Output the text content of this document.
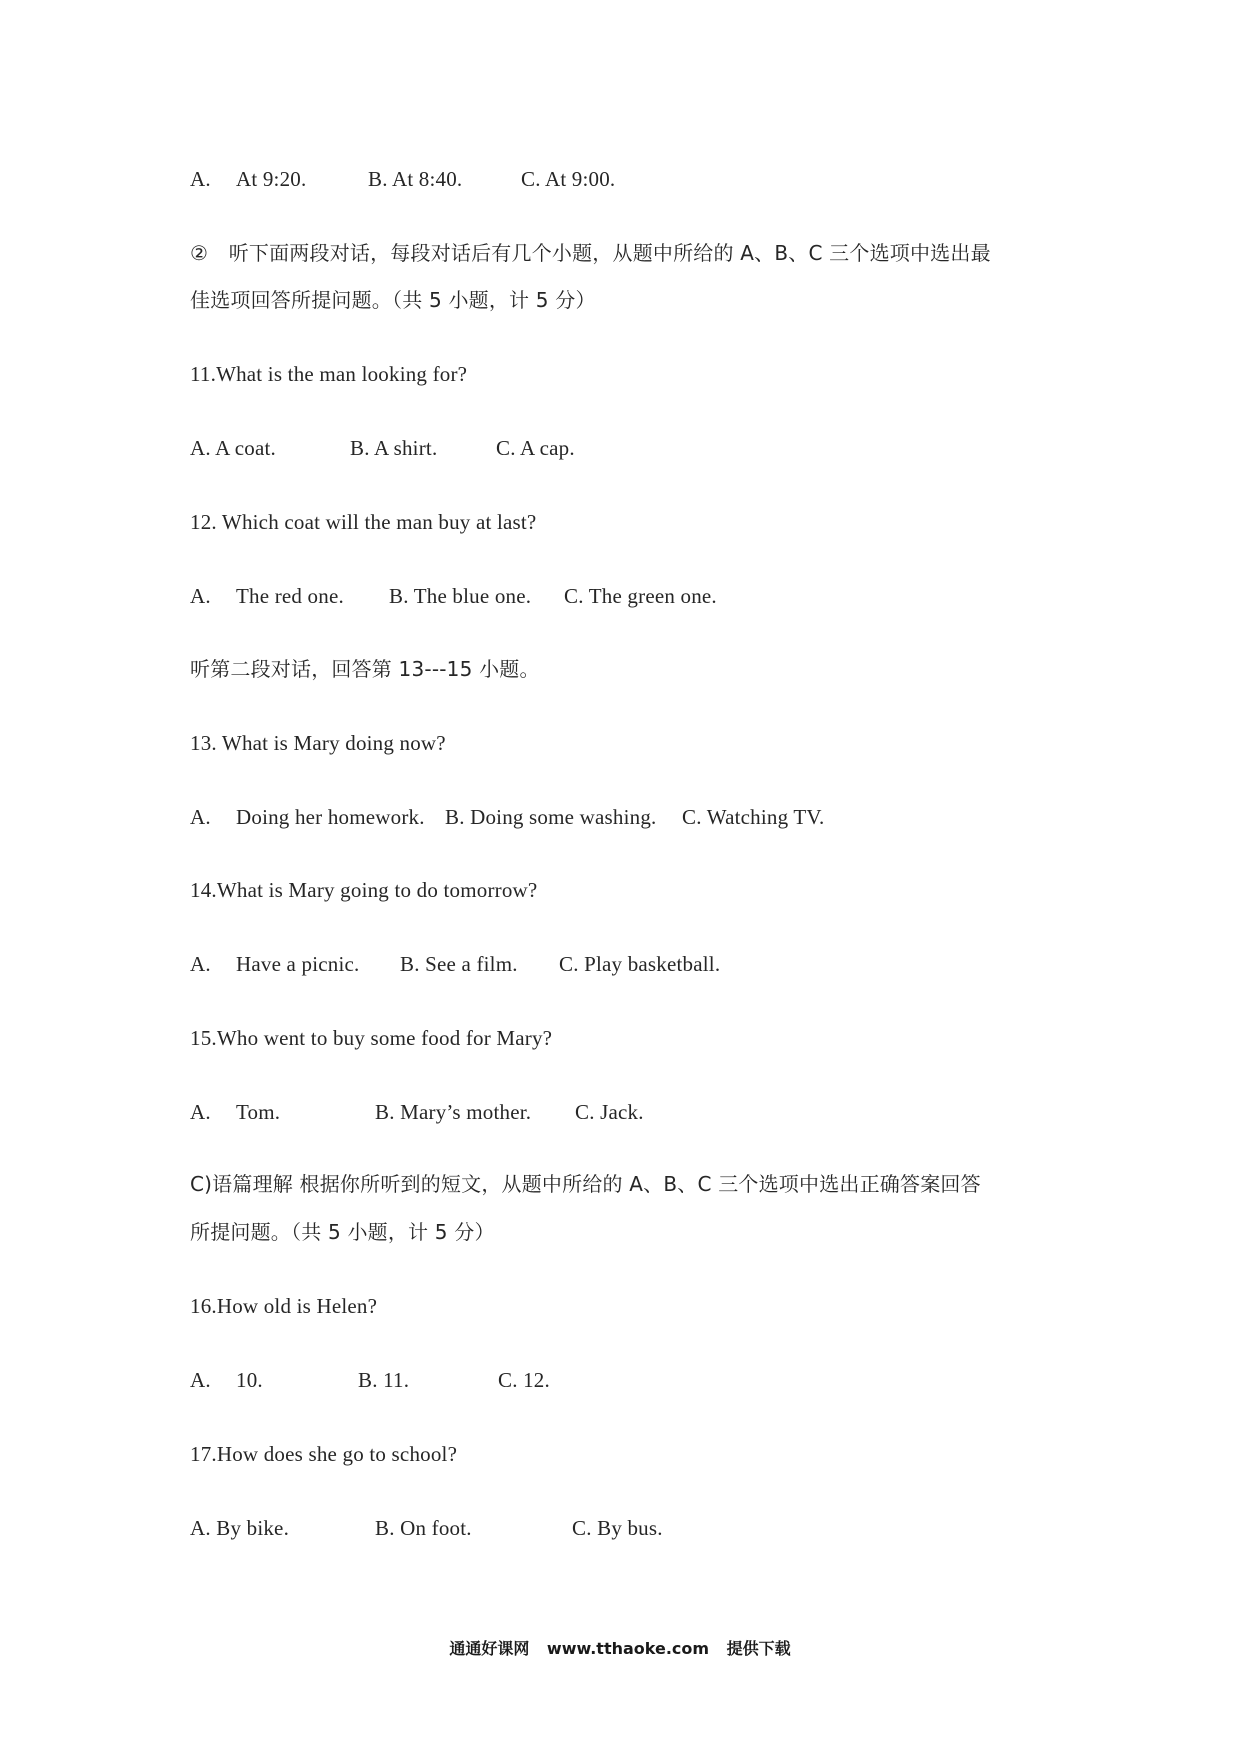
A. At 9:20.	B. At 8:40.	C. At 9:00.
② 听下面两段对话，每段对话后有几个小题，从题中所给的 A、B、C 三个选项中选出最
佳选项回答所提问题。（共 5 小题，计 5 分）
11.What is the man looking for?
A. A coat.	B. A shirt.	C. A cap.
12. Which coat will the man buy at last?
A. The red one. B. The blue one. C. The green one.
听第二段对话，回答第 13---15 小题。
13. What is Mary doing now?
A. Doing her homework. B. Doing some washing. C. Watching TV.
14.What is Mary going to do tomorrow?
A. Have a picnic. B. See a film. C. Play basketball.
15.Who went to buy some food for Mary?
A. Tom.	B. Mary’s mother. C. Jack.
C)语篇理解 根据你所听到的短文，从题中所给的 A、B、C 三个选项中选出正确答案回答
所提问题。（共 5 小题，计 5 分）
16.How old is Helen?
A. 10.	B. 11.	C. 12.
17.How does she go to school?
A. By bike.	B. On foot.	C. By bus.
通通好课网 www.tthaoke.com 提供下载
